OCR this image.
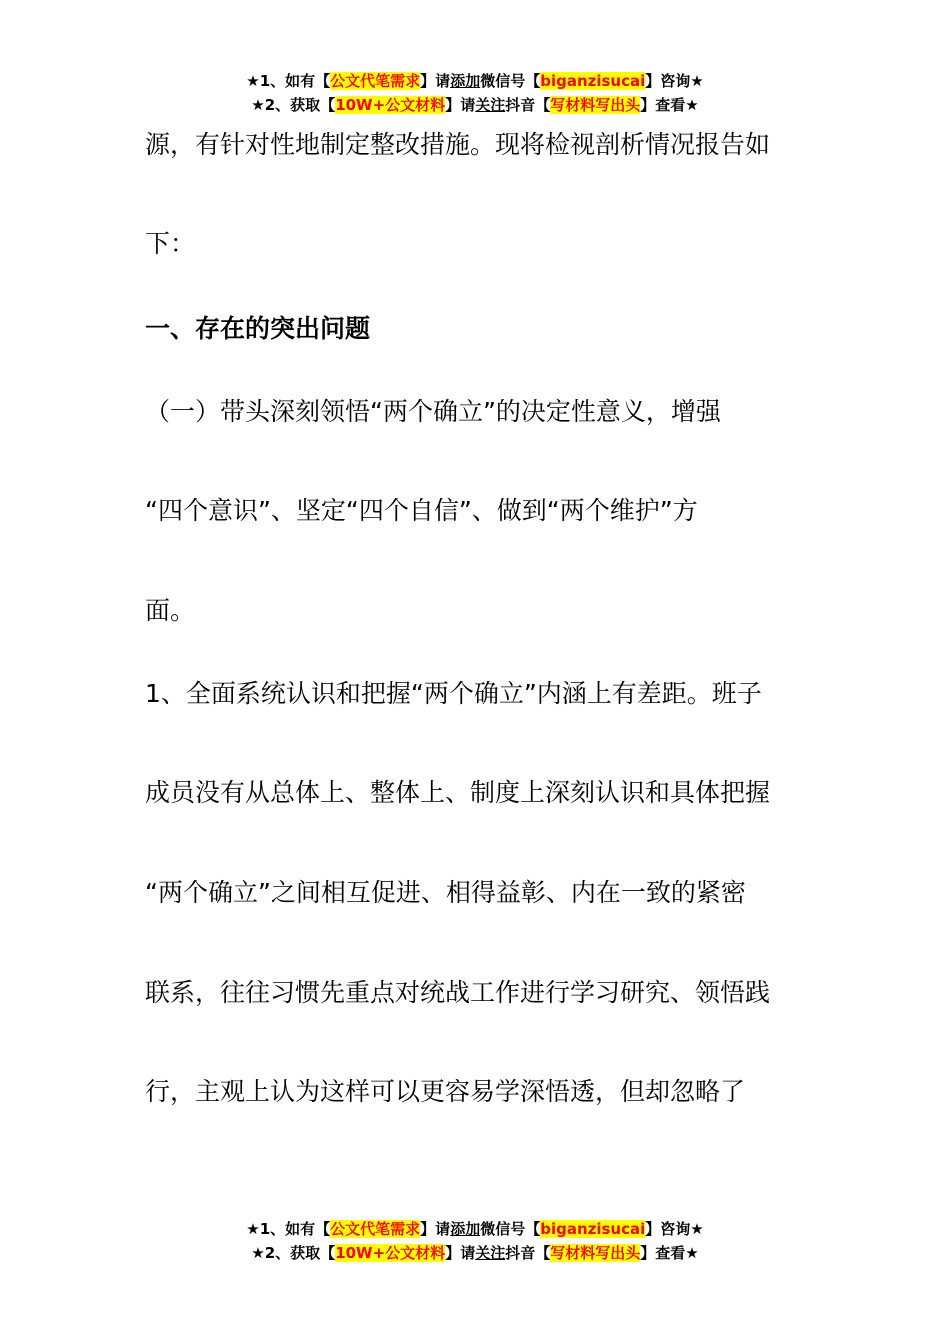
★1、如有【公文代笔需求】请添加微信号【biganzisucai】咨询★
★2、获取【10W+公文材料】请关注抖音【写材料写出头】查看★
源，有针对性地制定整改措施。现将检视剖析情况报告如
下：
一、存在的突出问题
（一）带头深刻领悟“两个确立”的决定性意义，增强
“四个意识”、坚定“四个自信”、做到“两个维护”方
面。
1、全面系统认识和把握“两个确立”内涵上有差距。班子
成员没有从总体上、整体上、制度上深刻认识和具体把握
“两个确立”之间相互促进、相得益彰、内在一致的紧密
联系，往往习惯先重点对统战工作进行学习研究、领悟践
行，主观上认为这样可以更容易学深悟透，但却忽略了
★1、如有【公文代笔需求】请添加微信号【biganzisucai】咨询★
★2、获取【10W+公文材料】请关注抖音【写材料写出头】查看★
